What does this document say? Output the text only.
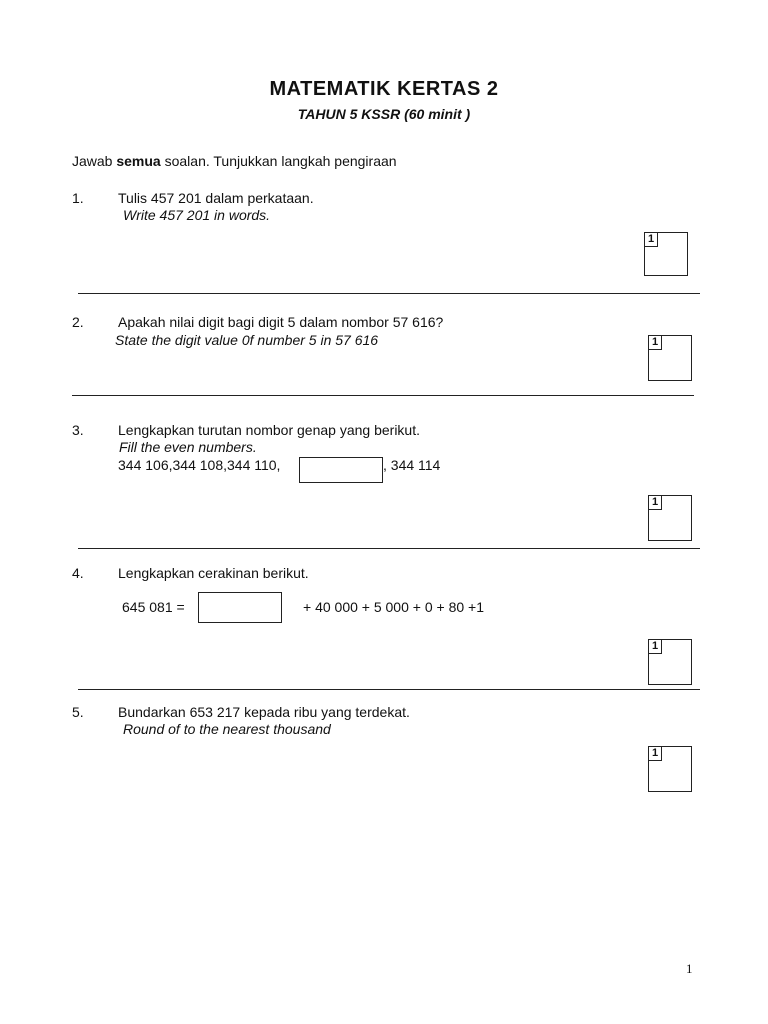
MATEMATIK KERTAS 2
TAHUN 5 KSSR (60 minit )
Jawab semua soalan. Tunjukkan langkah pengiraan
1. Tulis 457 201 dalam perkataan.
Write 457 201 in words.
1
2. Apakah nilai digit bagi digit 5 dalam nombor 57 616?
State the digit value 0f number 5 in 57 616	1
3. Lengkapkan turutan nombor genap yang berikut.
Fill the even numbers.
344 106,344 108,344 110,	, 344 114
1
4. Lengkapkan cerakinan berikut.
645 081 =	+ 40 000 + 5 000 + 0 + 80 +1
1
5. Bundarkan 653 217 kepada ribu yang terdekat.
Round of to the nearest thousand
1
1
